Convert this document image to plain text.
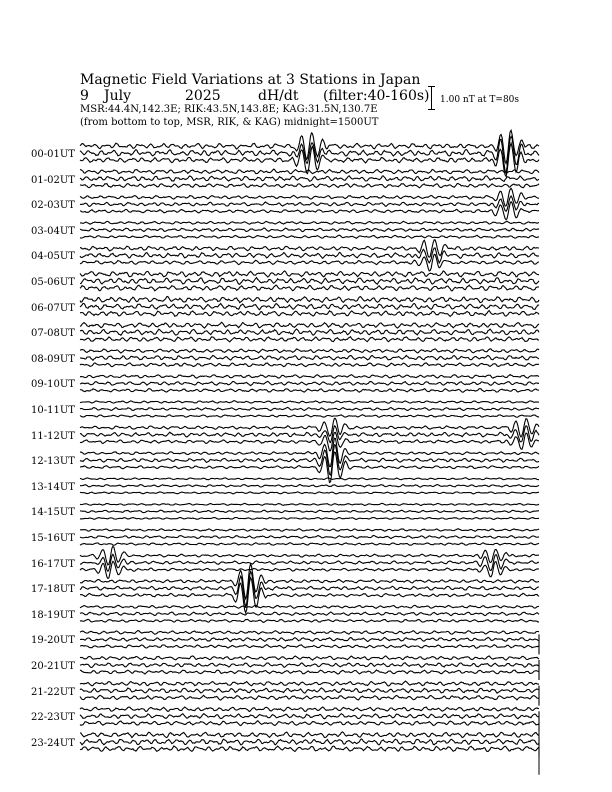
Magnetic Field Variations at 3 Stations in Japan
9 July	2025	dH/dt (filter:40-160s)
MSR:44.4N,142.3E; RIK:43.5N,143.8E; KAG:31.5N,130.7E
(from bottom to top, MSR, RIK, & KAG) midnight=1500UT
1.00 nT at T=80s
00-01UT
01-02UT
02-03UT
03-04UT
04-05UT
05-06UT
06-07UT
07-08UT
08-09UT
09-10UT
10-11UT
11-12UT
12-13UT
13-14UT
14-15UT
15-16UT
16-17UT
17-18UT
18-19UT
19-20UT
20-21UT
21-22UT
22-23UT
23-24UT
